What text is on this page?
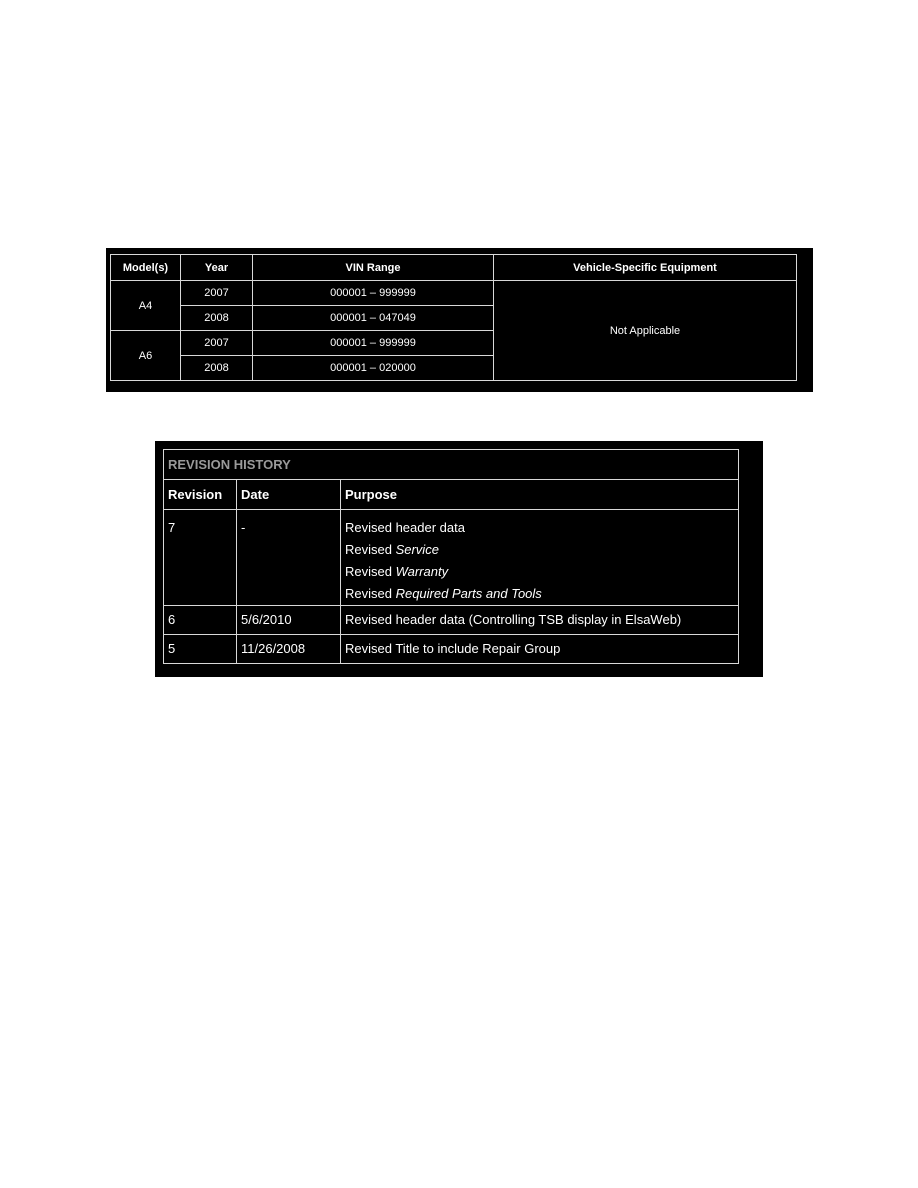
Model(s)	Year	VIN Range	Vehicle-Specific Equipment
A4	2007	000001 – 999999	Not Applicable
	2008	000001 – 047049	
A6	2007	000001 – 999999	
	2008	000001 – 020000	
REVISION HISTORY		
Revision	Date	Purpose
7	-	Revised header data
Revised Service
Revised Warranty
Revised Required Parts and Tools

6	5/6/2010	Revised header data (Controlling TSB display in ElsaWeb)
5	11/26/2008	Revised Title to include Repair Group
